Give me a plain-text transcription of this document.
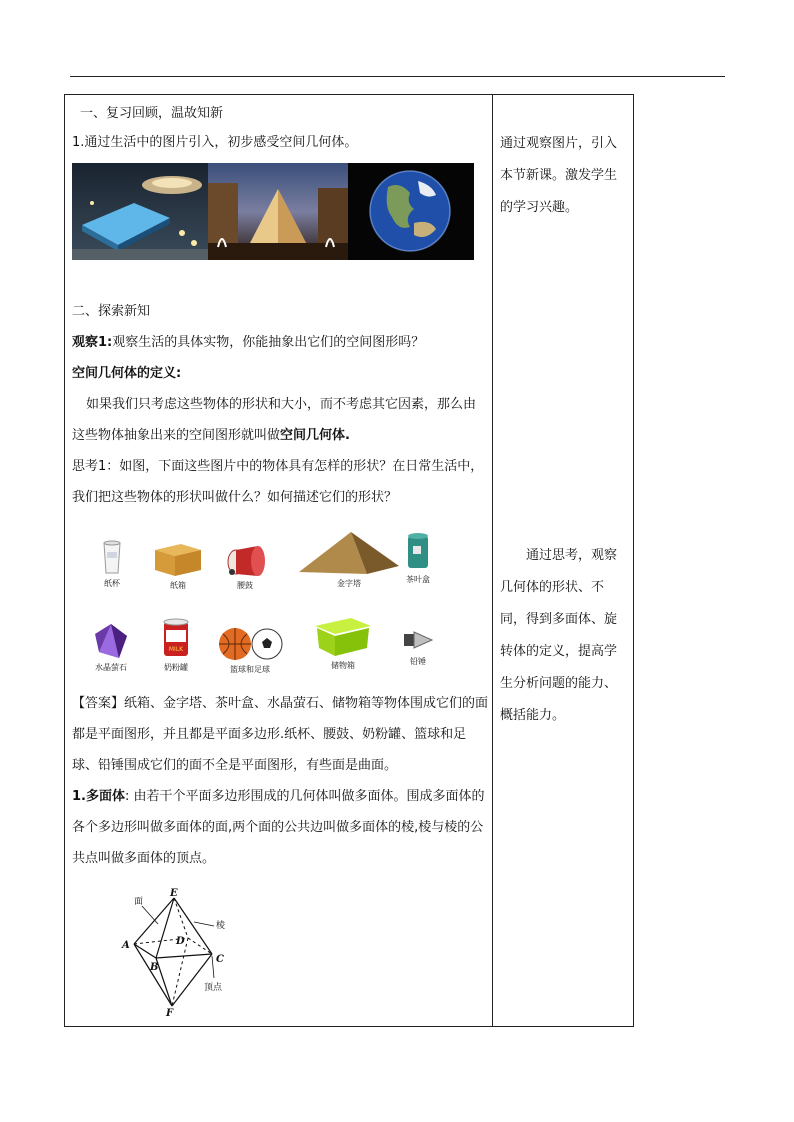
一、复习回顾，温故知新
1.通过生活中的图片引入，初步感受空间几何体。
二、探索新知
观察1:观察生活的具体实物，你能抽象出它们的空间图形吗？
空间几何体的定义:
如果我们只考虑这些物体的形状和大小，而不考虑其它因素，那么由这些物体抽象出来的空间图形就叫做空间几何体.
思考1：如图，下面这些图片中的物体具有怎样的形状？在日常生活中，我们把这些物体的形状叫做什么？如何描述它们的形状？
纸杯	纸箱	腰鼓	金字塔	茶叶盒
水晶萤石
MILK
奶粉罐	篮球和足球	储物箱	铅锤
【答案】纸箱、金字塔、茶叶盒、水晶萤石、储物箱等物体围成它们的面都是平面图形，并且都是平面多边形.纸杯、腰鼓、奶粉罐、篮球和足球、铅锤围成它们的面不全是平面图形，有些面是曲面。
1.多面体: 由若干个平面多边形围成的几何体叫做多面体。围成多面体的各个多边形叫做多面体的面,两个面的公共边叫做多面体的棱,棱与棱的公共点叫做多面体的顶点。
E
A
B
C
D
F
面
棱
顶点
通过观察图片，引入本节新课。激发学生的学习兴趣。
通过思考，观察几何体的形状、不同，得到多面体、旋转体的定义，提高学生分析问题的能力、概括能力。
